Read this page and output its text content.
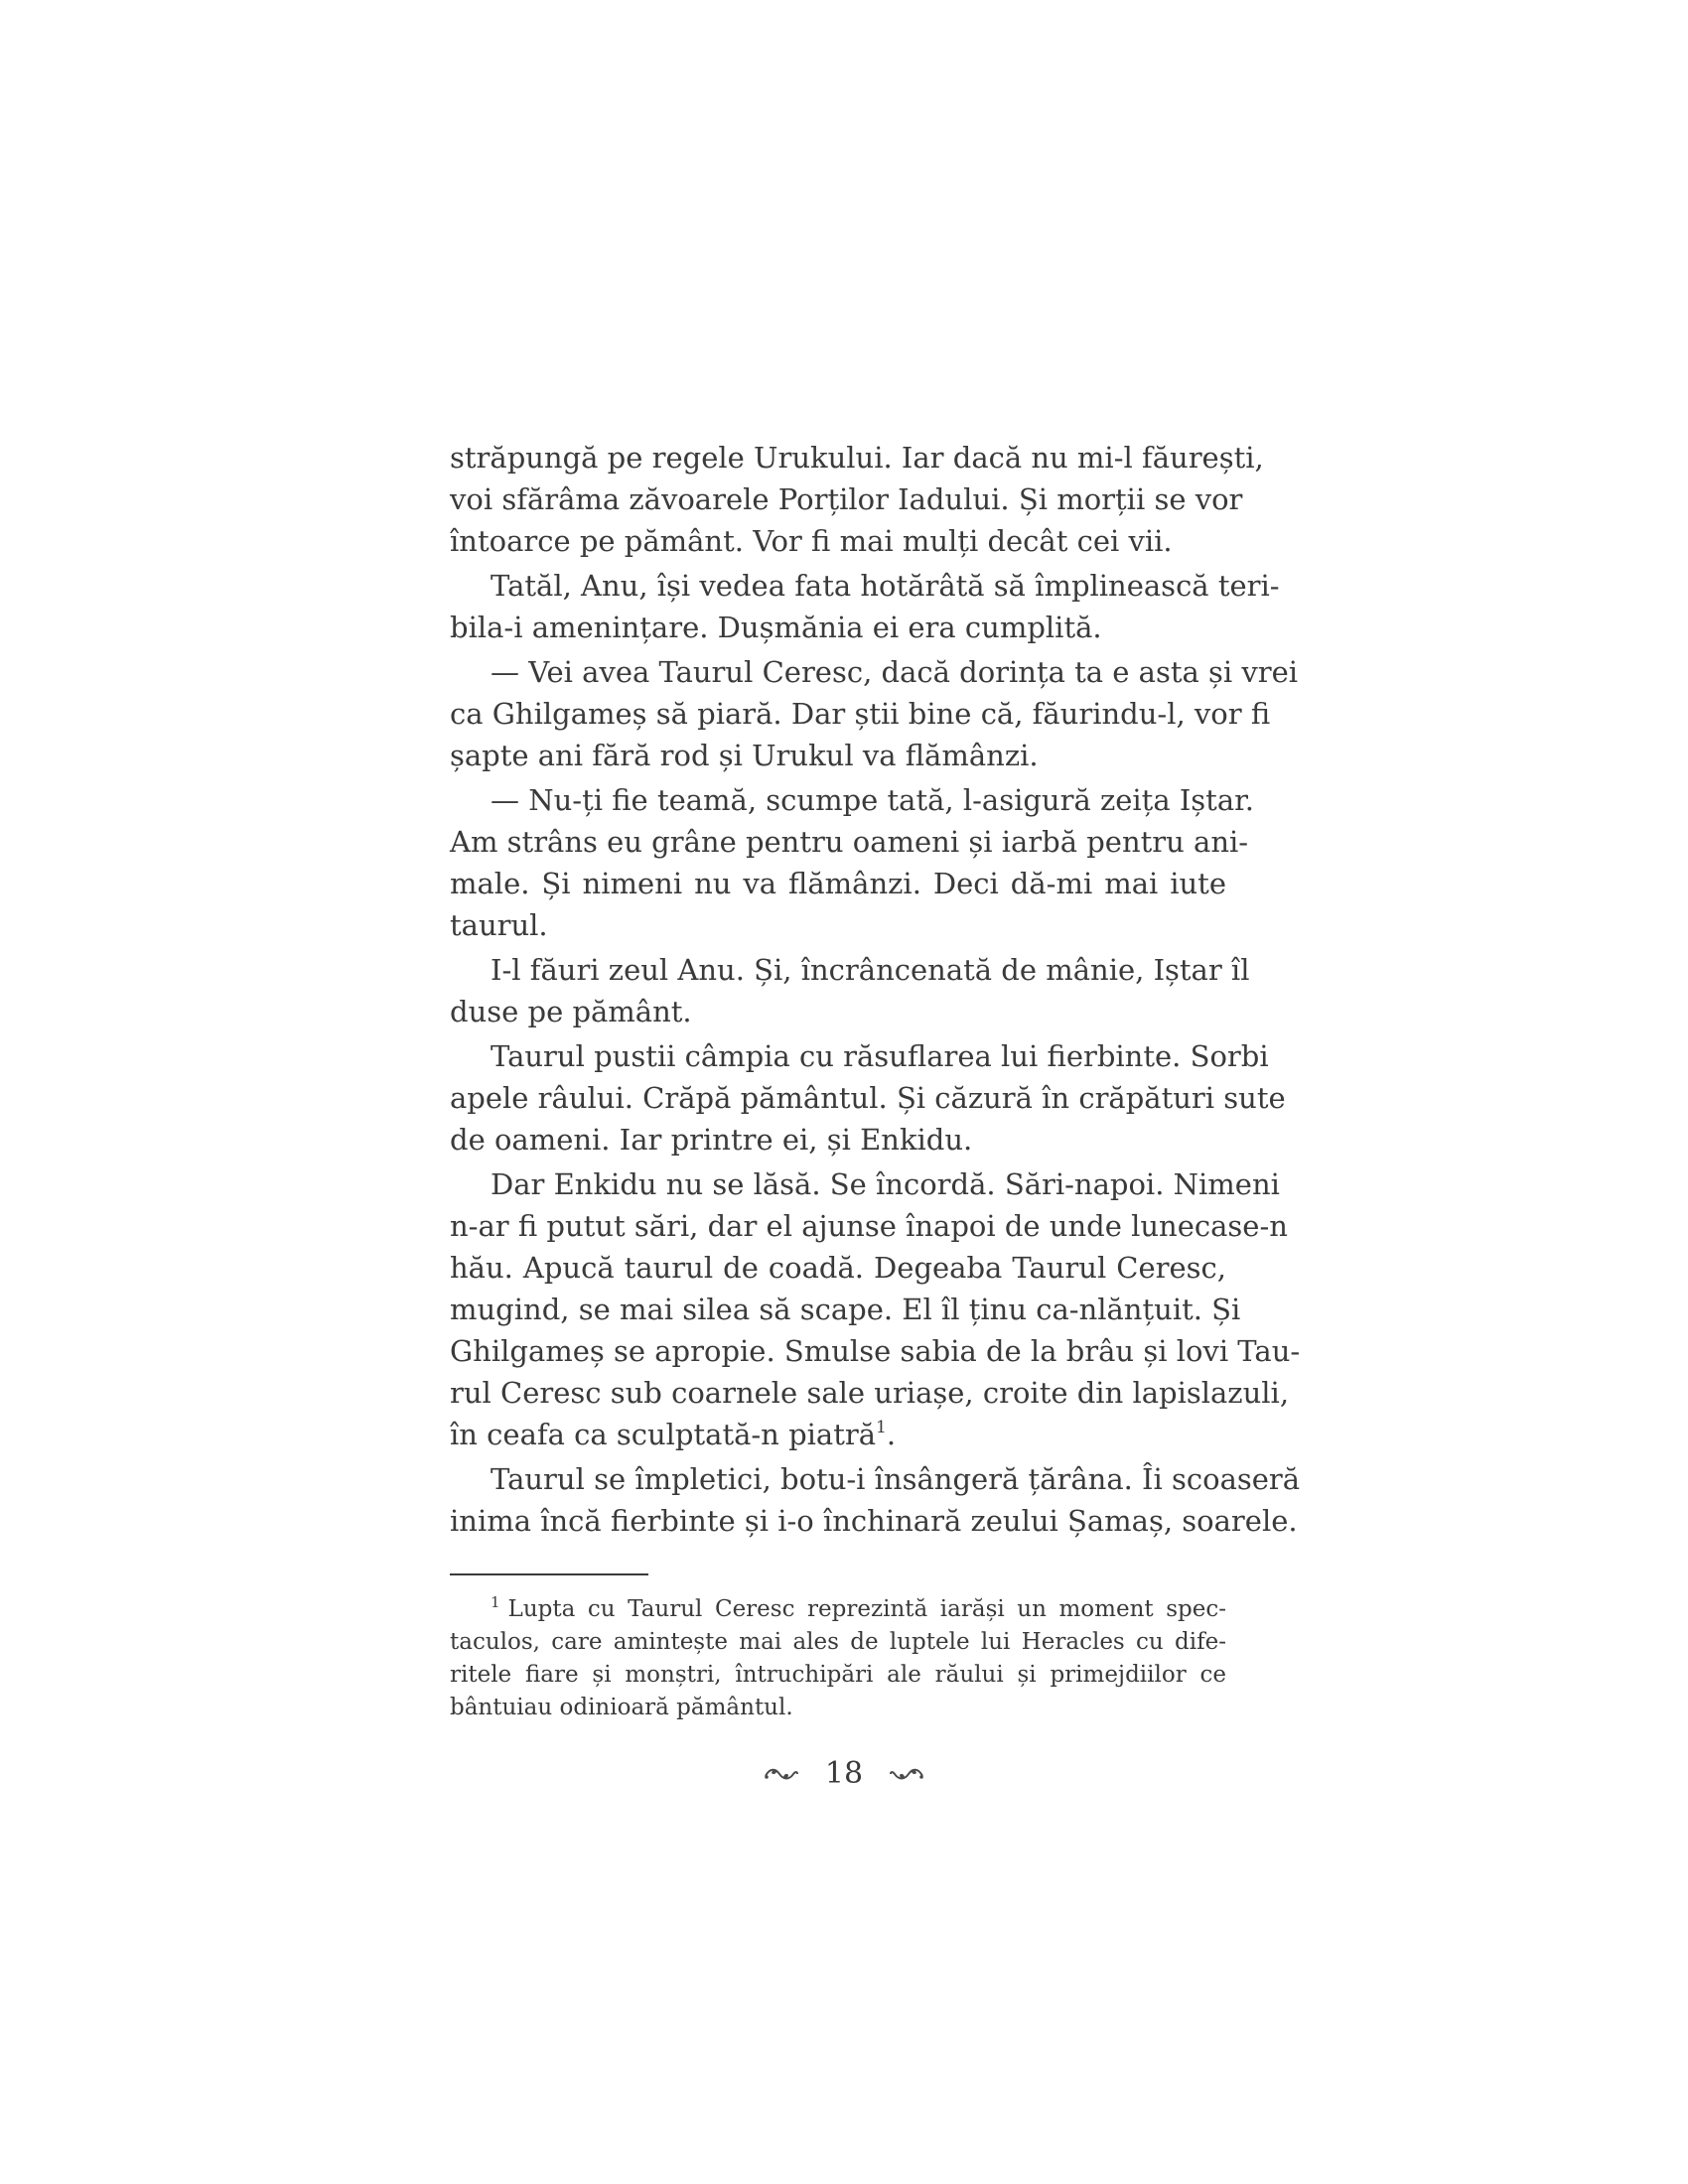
străpungă pe regele Urukului. Iar dacă nu mi-l făurești,
voi sfărâma zăvoarele Porților Iadului. Și morții se vor
întoarce pe pământ. Vor fi mai mulți decât cei vii.
Tatăl, Anu, își vedea fata hotărâtă să împlinească teri-
bila-i amenințare. Dușmănia ei era cumplită.
— Vei avea Taurul Ceresc, dacă dorința ta e asta și vrei
ca Ghilgameș să piară. Dar știi bine că, făurindu-l, vor fi
șapte ani fără rod și Urukul va flămânzi.
— Nu-ți fie teamă, scumpe tată, l-asigură zeița Iștar.
Am strâns eu grâne pentru oameni și iarbă pentru ani-
male. Și nimeni nu va flămânzi. Deci dă-mi mai iute
taurul.
I-l făuri zeul Anu. Și, încrâncenată de mânie, Iștar îl
duse pe pământ.
Taurul pustii câmpia cu răsuflarea lui fierbinte. Sorbi
apele râului. Crăpă pământul. Și căzură în crăpături sute
de oameni. Iar printre ei, și Enkidu.
Dar Enkidu nu se lăsă. Se încordă. Sări-napoi. Nimeni
n-ar fi putut sări, dar el ajunse înapoi de unde lunecase-n
hău. Apucă taurul de coadă. Degeaba Taurul Ceresc,
mugind, se mai silea să scape. El îl ținu ca-nlănțuit. Și
Ghilgameș se apropie. Smulse sabia de la brâu și lovi Tau-
rul Ceresc sub coarnele sale uriașe, croite din lapislazuli,
în ceafa ca sculptată-n piatră$^1$.
Taurul se împletici, botu-i însângeră țărâna. Îi scoaseră
inima încă fierbinte și i-o închinară zeului Șamaș, soarele.
$^1$ Lupta cu Taurul Ceresc reprezintă iarăși un moment spec-
taculos, care amintește mai ales de luptele lui Heracles cu dife-
ritele fiare și monștri, întruchipări ale răului și primejdiilor ce
bântuiau odinioară pământul.
18
